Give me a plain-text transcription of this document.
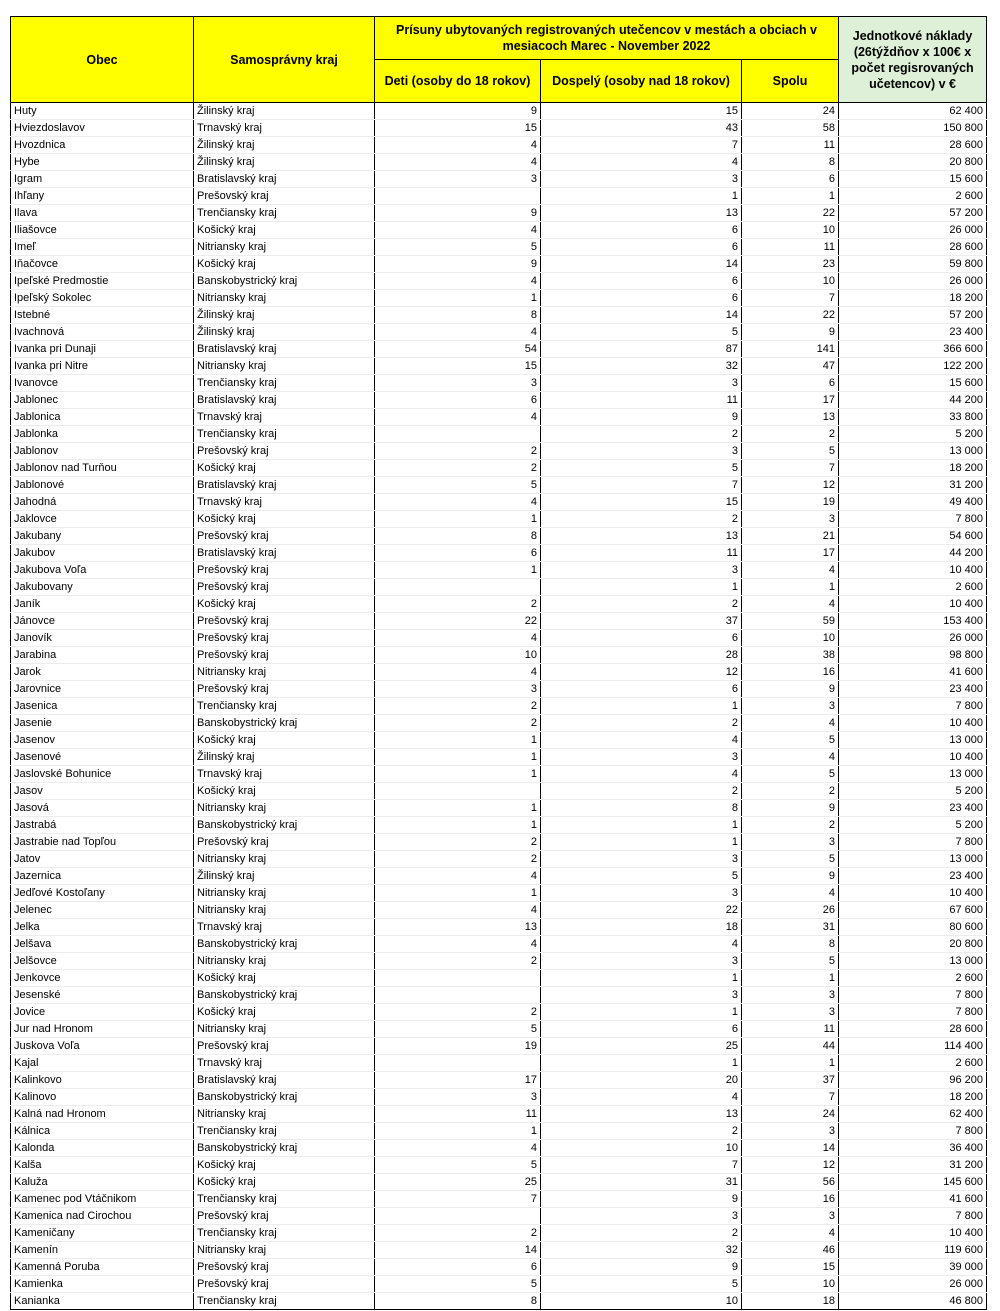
Obec	Samosprávny kraj	Prísuny ubytovaných registrovaných utečencov v mestách a obciach v mesiacoch Marec - November 2022			Jednotkové náklady (26týždňov x 100€ x počet regisrovaných učetencov) v €
		Deti (osoby do 18 rokov)	Dospelý (osoby nad 18 rokov)	Spolu	
Huty	Žilinský kraj	9	15	24	62 400
Hviezdoslavov	Trnavský kraj	15	43	58	150 800
Hvozdnica	Žilinský kraj	4	7	11	28 600
Hybe	Žilinský kraj	4	4	8	20 800
Igram	Bratislavský kraj	3	3	6	15 600
Ihľany	Prešovský kraj		1	1	2 600
Ilava	Trenčiansky kraj	9	13	22	57 200
Iliašovce	Košický kraj	4	6	10	26 000
Imeľ	Nitriansky kraj	5	6	11	28 600
Iňačovce	Košický kraj	9	14	23	59 800
Ipeľské Predmostie	Banskobystrický kraj	4	6	10	26 000
Ipeľský Sokolec	Nitriansky kraj	1	6	7	18 200
Istebné	Žilinský kraj	8	14	22	57 200
Ivachnová	Žilinský kraj	4	5	9	23 400
Ivanka pri Dunaji	Bratislavský kraj	54	87	141	366 600
Ivanka pri Nitre	Nitriansky kraj	15	32	47	122 200
Ivanovce	Trenčiansky kraj	3	3	6	15 600
Jablonec	Bratislavský kraj	6	11	17	44 200
Jablonica	Trnavský kraj	4	9	13	33 800
Jablonka	Trenčiansky kraj		2	2	5 200
Jablonov	Prešovský kraj	2	3	5	13 000
Jablonov nad Turňou	Košický kraj	2	5	7	18 200
Jablonové	Bratislavský kraj	5	7	12	31 200
Jahodná	Trnavský kraj	4	15	19	49 400
Jaklovce	Košický kraj	1	2	3	7 800
Jakubany	Prešovský kraj	8	13	21	54 600
Jakubov	Bratislavský kraj	6	11	17	44 200
Jakubova Voľa	Prešovský kraj	1	3	4	10 400
Jakubovany	Prešovský kraj		1	1	2 600
Janík	Košický kraj	2	2	4	10 400
Jánovce	Prešovský kraj	22	37	59	153 400
Janovík	Prešovský kraj	4	6	10	26 000
Jarabina	Prešovský kraj	10	28	38	98 800
Jarok	Nitriansky kraj	4	12	16	41 600
Jarovnice	Prešovský kraj	3	6	9	23 400
Jasenica	Trenčiansky kraj	2	1	3	7 800
Jasenie	Banskobystrický kraj	2	2	4	10 400
Jasenov	Košický kraj	1	4	5	13 000
Jasenové	Žilinský kraj	1	3	4	10 400
Jaslovské Bohunice	Trnavský kraj	1	4	5	13 000
Jasov	Košický kraj		2	2	5 200
Jasová	Nitriansky kraj	1	8	9	23 400
Jastrabá	Banskobystrický kraj	1	1	2	5 200
Jastrabie nad Topľou	Prešovský kraj	2	1	3	7 800
Jatov	Nitriansky kraj	2	3	5	13 000
Jazernica	Žilinský kraj	4	5	9	23 400
Jedľové Kostoľany	Nitriansky kraj	1	3	4	10 400
Jelenec	Nitriansky kraj	4	22	26	67 600
Jelka	Trnavský kraj	13	18	31	80 600
Jelšava	Banskobystrický kraj	4	4	8	20 800
Jelšovce	Nitriansky kraj	2	3	5	13 000
Jenkovce	Košický kraj		1	1	2 600
Jesenské	Banskobystrický kraj		3	3	7 800
Jovice	Košický kraj	2	1	3	7 800
Jur nad Hronom	Nitriansky kraj	5	6	11	28 600
Juskova Voľa	Prešovský kraj	19	25	44	114 400
Kajal	Trnavský kraj		1	1	2 600
Kalinkovo	Bratislavský kraj	17	20	37	96 200
Kalinovo	Banskobystrický kraj	3	4	7	18 200
Kalná nad Hronom	Nitriansky kraj	11	13	24	62 400
Kálnica	Trenčiansky kraj	1	2	3	7 800
Kalonda	Banskobystrický kraj	4	10	14	36 400
Kalša	Košický kraj	5	7	12	31 200
Kaluža	Košický kraj	25	31	56	145 600
Kamenec pod Vtáčnikom	Trenčiansky kraj	7	9	16	41 600
Kamenica nad Cirochou	Prešovský kraj		3	3	7 800
Kameničany	Trenčiansky kraj	2	2	4	10 400
Kamenín	Nitriansky kraj	14	32	46	119 600
Kamenná Poruba	Prešovský kraj	6	9	15	39 000
Kamienka	Prešovský kraj	5	5	10	26 000
Kanianka	Trenčiansky kraj	8	10	18	46 800
